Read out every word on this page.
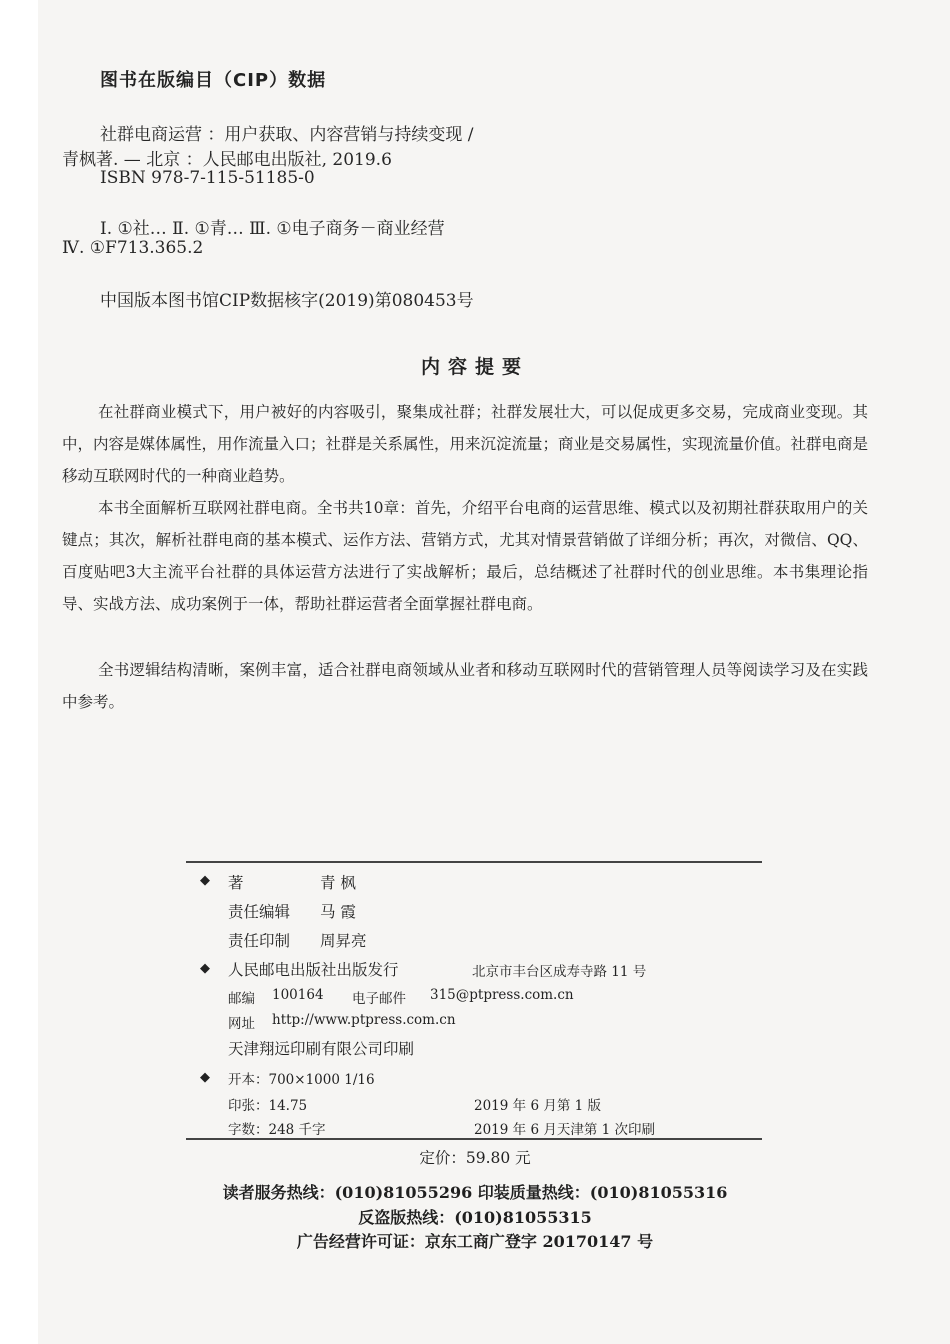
图书在版编目（CIP）数据
社群电商运营 ：用户获取、内容营销与持续变现 /
青枫著. — 北京 ：人民邮电出版社, 2019.6
ISBN 978-7-115-51185-0
Ⅰ. ①社… Ⅱ. ①青… Ⅲ. ①电子商务－商业经营
Ⅳ. ①F713.365.2
中国版本图书馆CIP数据核字(2019)第080453号
内容提要
在社群商业模式下，用户被好的内容吸引，聚集成社群；社群发展壮大，可以促成更多交易，完成商业变现。其中，内容是媒体属性，用作流量入口；社群是关系属性，用来沉淀流量；商业是交易属性，实现流量价值。社群电商是移动互联网时代的一种商业趋势。
本书全面解析互联网社群电商。全书共10章：首先，介绍平台电商的运营思维、模式以及初期社群获取用户的关键点；其次，解析社群电商的基本模式、运作方法、营销方式，尤其对情景营销做了详细分析；再次，对微信、QQ、百度贴吧3大主流平台社群的具体运营方法进行了实战解析；最后，总结概述了社群时代的创业思维。本书集理论指导、实战方法、成功案例于一体，帮助社群运营者全面掌握社群电商。
全书逻辑结构清晰，案例丰富，适合社群电商领域从业者和移动互联网时代的营销管理人员等阅读学习及在实践中参考。
◆ 著	青 枫
责任编辑 马 霞
责任印制 周昇亮
◆ 人民邮电出版社出版发行	北京市丰台区成寿寺路 11 号
邮编 100164 电子邮件 315@ptpress.com.cn
网址 http://www.ptpress.com.cn
天津翔远印刷有限公司印刷
◆ 开本：700×1000 1/16
印张：14.75	2019 年 6 月第 1 版
字数：248 千字	2019 年 6 月天津第 1 次印刷
定价：59.80 元
读者服务热线：(010)81055296 印装质量热线：(010)81055316
反盗版热线：(010)81055315
广告经营许可证：京东工商广登字 20170147 号
